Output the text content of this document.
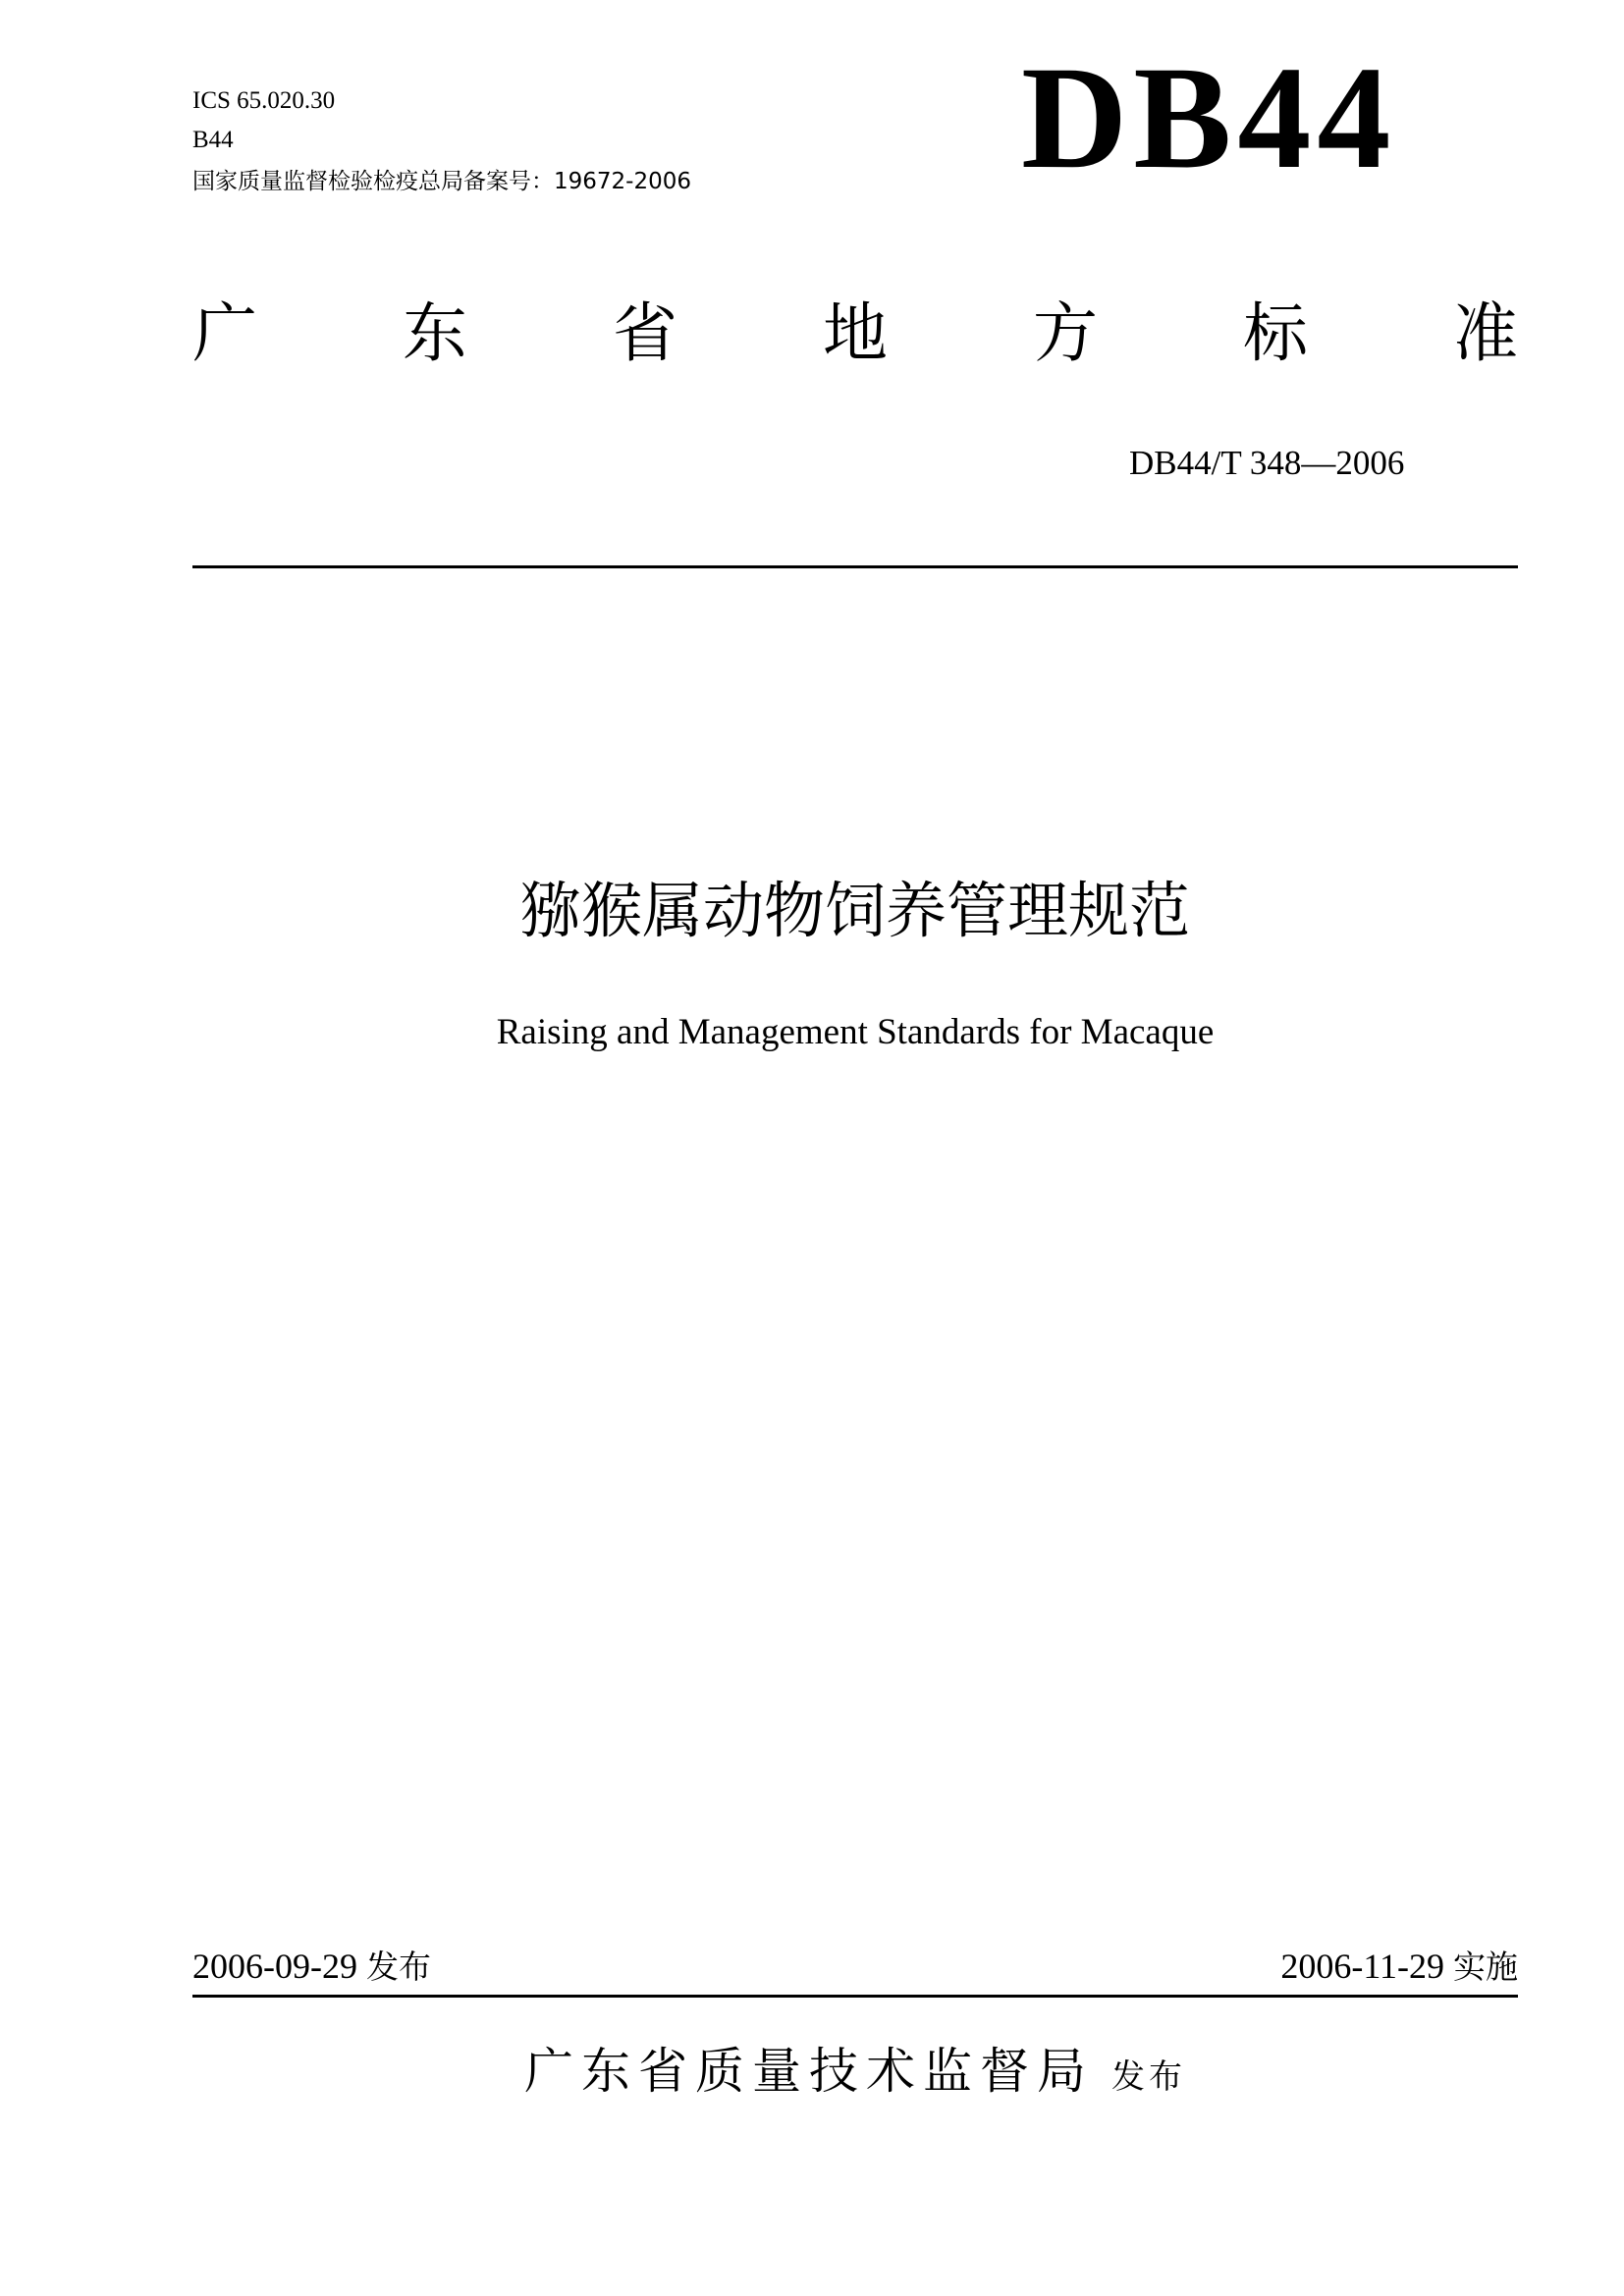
ICS 65.020.30
B44
国家质量监督检验检疫总局备案号：19672-2006 DB44
广 东 省 地 方 标 准
DB44/T 348—2006
猕猴属动物饲养管理规范
Raising and Management Standards for Macaque
2006-09-29 发布	2006-11-29 实施
广东省质量技术监督局 发布
